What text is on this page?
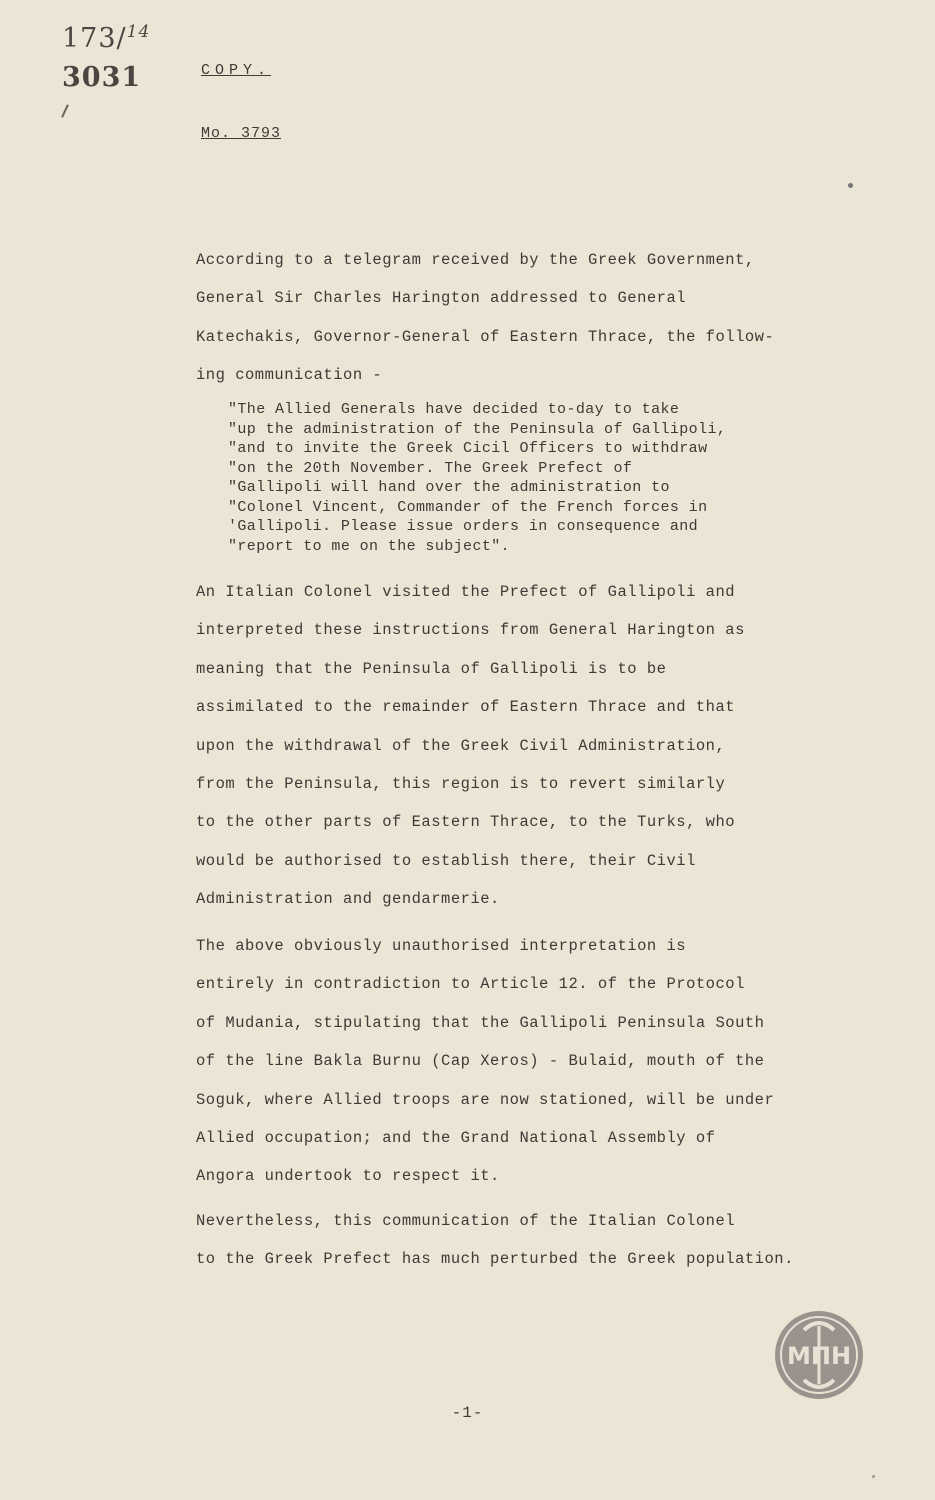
173/$^{14}$
3031	COPY.
Mo. 3793

According to a telegram received by the Greek Government,
General Sir Charles Harington addressed to General
Katechakis, Governor-General of Eastern Thrace, the follow-
ing communication -

"The Allied Generals have decided to-day to take
"up the administration of the Peninsula of Gallipoli,
"and to invite the Greek Cicil Officers to withdraw
"on the 20th November. The Greek Prefect of
"Gallipoli will hand over the administration to
"Colonel Vincent, Commander of the French forces in
'Gallipoli. Please issue orders in consequence and
"report to me on the subject".

An Italian Colonel visited the Prefect of Gallipoli and
interpreted these instructions from General Harington as
meaning that the Peninsula of Gallipoli is to be
assimilated to the remainder of Eastern Thrace and that
upon the withdrawal of the Greek Civil Administration,
from the Peninsula, this region is to revert similarly
to the other parts of Eastern Thrace, to the Turks, who
would be authorised to establish there, their Civil
Administration and gendarmerie.

The above obviously unauthorised interpretation is
entirely in contradiction to Article 12. of the Protocol
of Mudania, stipulating that the Gallipoli Peninsula South
of the line Bakla Burnu (Cap Xeros) - Bulaid, mouth of the
Soguk, where Allied troops are now stationed, will be under
Allied occupation; and the Grand National Assembly of
Angora undertook to respect it.

Nevertheless, this communication of the Italian Colonel
to the Greek Prefect has much perturbed the Greek population.

ΜΠΗ
-1-
